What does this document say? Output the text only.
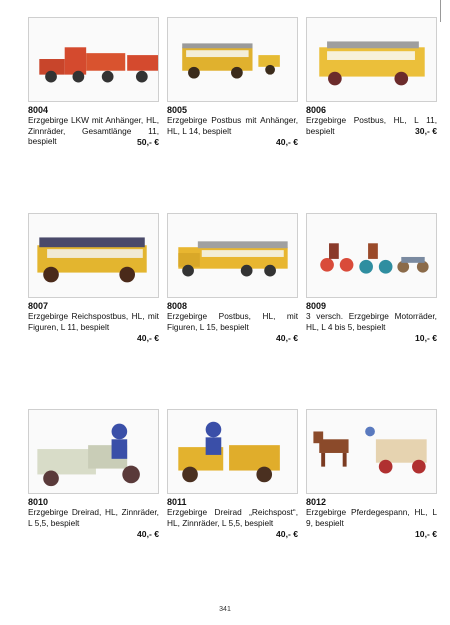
8004
Erzgebirge LKW mit Anhänger, HL, Zinnräder, Gesamtlänge 11, bespielt	50,- €
8005
Erzgebirge Postbus mit Anhänger, HL, L 14, bespielt
40,- €
8006
Erzgebirge Postbus, HL, L 11, bespielt	30,- €
8007
Erzgebirge Reichspostbus, HL, mit Figuren, L 11, bespielt
40,- €
8008
Erzgebirge Postbus, HL, mit Figuren, L 15, bespielt
40,- €
8009
3 versch. Erzgebirge Motorräder, HL, L 4 bis 5, bespielt
10,- €
8010
Erzgebirge Dreirad, HL, Zinnräder, L 5,5, bespielt
40,- €
8011
Erzgebirge Dreirad „Reichspost“, HL, Zinnräder, L 5,5, bespielt
40,- €
8012
Erzgebirge Pferdegespann, HL, L 9, bespielt
10,- €
341
